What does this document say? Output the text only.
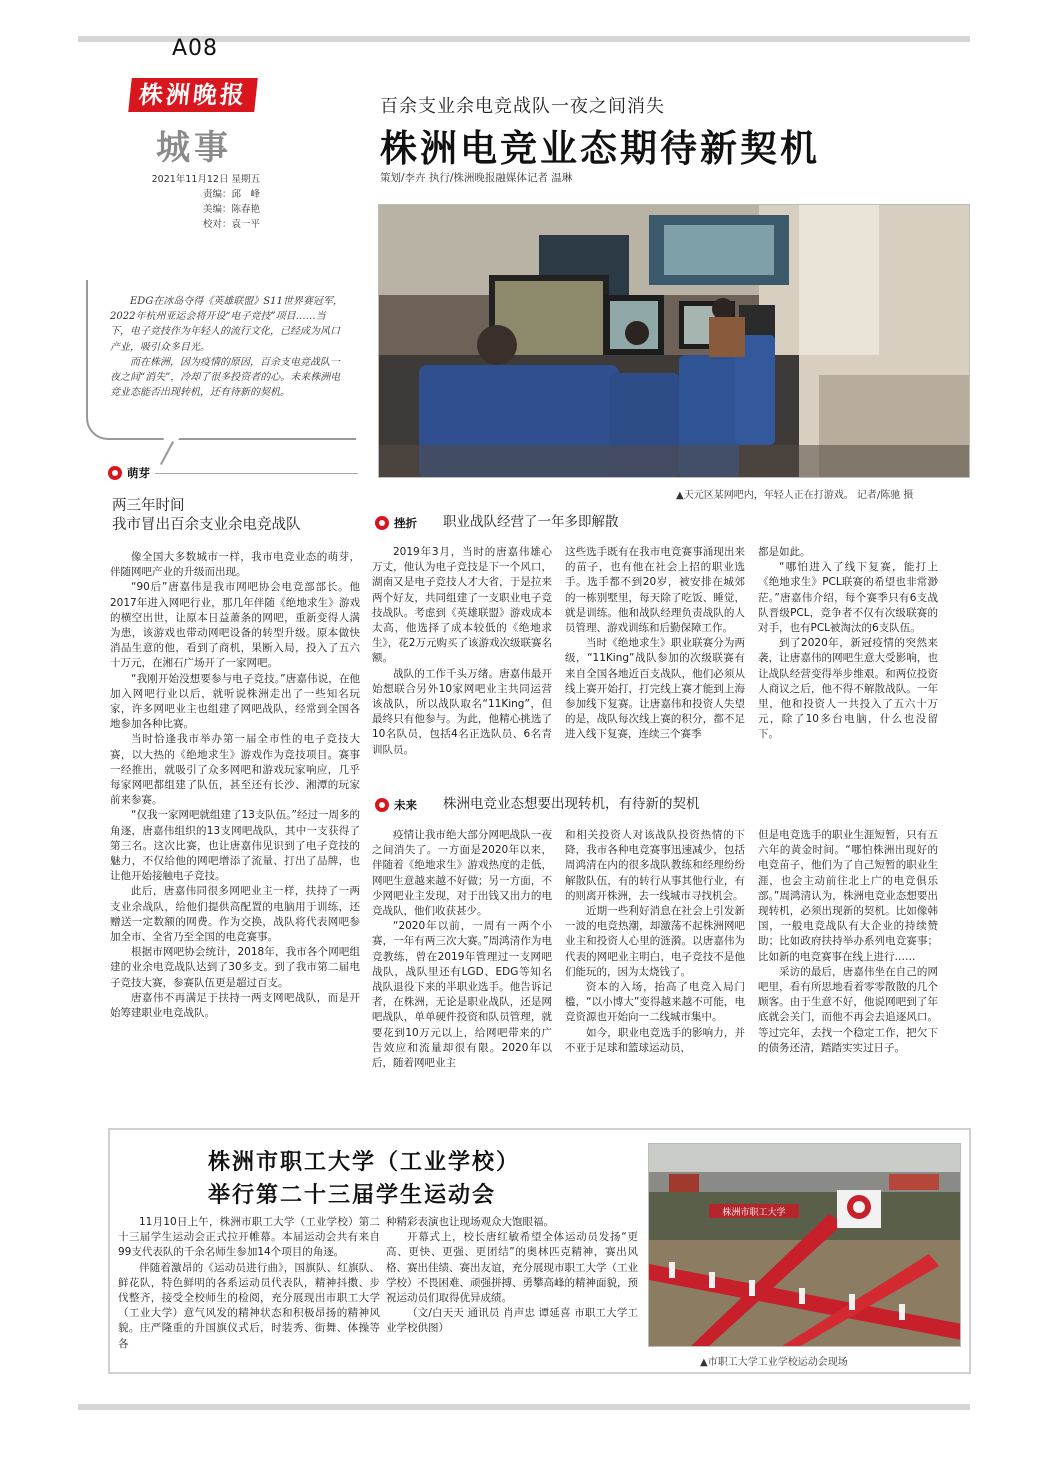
A08
株洲晚报
城事
2021年11月12日 星期五
责编：邱　峰
美编：陈春艳
校对：袁一平
百余支业余电竞战队一夜之间消失
株洲电竞业态期待新契机
策划/李卉 执行/株洲晚报融媒体记者 温琳
▲天元区某网吧内，年轻人正在打游戏。 记者/陈驰 摄
　　EDG在冰岛夺得《英雄联盟》S11世界赛冠军，2022年杭州亚运会将开设“电子竞技”项目……当下，电子竞技作为年轻人的流行文化，已经成为风口产业，吸引众多目光。
　　而在株洲，因为疫情的原因，百余支电竞战队一夜之间“消失”，冷却了很多投资者的心。未来株洲电竞业态能否出现转机，还有待新的契机。
萌芽
两三年时间
我市冒出百余支业余电竞战队

像全国大多数城市一样，我市电竞业态的萌芽，伴随网吧产业的升级而出现。

“90后”唐嘉伟是我市网吧协会电竞部部长。他2017年进入网吧行业，那几年伴随《绝地求生》游戏的横空出世，让原本日益萧条的网吧，重新变得人满为患，该游戏也带动网吧设备的转型升级。原本做快消品生意的他，看到了商机，果断入局，投入了五六十万元，在湘石广场开了一家网吧。

“我刚开始没想要参与电子竞技。”唐嘉伟说，在他加入网吧行业以后，就听说株洲走出了一些知名玩家，许多网吧业主也组建了网吧战队，经常到全国各地参加各种比赛。

当时恰逢我市举办第一届全市性的电子竞技大赛，以大热的《绝地求生》游戏作为竞技项目。赛事一经推出，就吸引了众多网吧和游戏玩家响应，几乎每家网吧都组建了队伍，甚至还有长沙、湘潭的玩家前来参赛。

“仅我一家网吧就组建了13支队伍。”经过一周多的角逐，唐嘉伟组织的13支网吧战队，其中一支获得了第三名。这次比赛，也让唐嘉伟见识到了电子竞技的魅力，不仅给他的网吧增添了流量、打出了品牌，也让他开始接触电子竞技。

此后，唐嘉伟同很多网吧业主一样，扶持了一两支业余战队，给他们提供高配置的电脑用于训练，还赠送一定数额的网费。作为交换，战队将代表网吧参加全市、全省乃至全国的电竞赛事。

根据市网吧协会统计，2018年，我市各个网吧组建的业余电竞战队达到了30多支。到了我市第二届电子竞技大赛，参赛队伍更是超过百支。

唐嘉伟不再满足于扶持一两支网吧战队，而是开始筹建职业电竞战队。

挫折 职业战队经营了一年多即解散

2019年3月，当时的唐嘉伟雄心万丈，他认为电子竞技是下一个风口，湖南又是电子竞技人才大省，于是拉来两个好友，共同组建了一支职业电子竞技战队。考虑到《英雄联盟》游戏成本太高，他选择了成本较低的《绝地求生》，花2万元购买了该游戏次级联赛名额。

战队的工作千头万绪。唐嘉伟最开始想联合另外10家网吧业主共同运营该战队，所以战队取名“11King”，但最终只有他参与。为此，他精心挑选了10名队员，包括4名正选队员、6名青训队员。

这些选手既有在我市电竞赛事涌现出来的苗子，也有他在社会上招的职业选手。选手都不到20岁，被安排在城郊的一栋别墅里，每天除了吃饭、睡觉，就是训练。他和战队经理负责战队的人员管理、游戏训练和后勤保障工作。

当时《绝地求生》职业联赛分为两级，“11King”战队参加的次级联赛有来自全国各地近百支战队，他们必须从线上赛开始打，打完线上赛才能到上海参加线下复赛。让唐嘉伟和投资人失望的是，战队每次线上赛的积分，都不足进入线下复赛，连续三个赛季

都是如此。

“哪怕进入了线下复赛，能打上《绝地求生》PCL联赛的希望也非常渺茫。”唐嘉伟介绍，每个赛季只有6支战队晋级PCL，竞争者不仅有次级联赛的对手，也有PCL被淘汰的6支队伍。

到了2020年，新冠疫情的突然来袭，让唐嘉伟的网吧生意大受影响，也让战队经营变得举步维艰。和两位投资人商议之后，他不得不解散战队。一年里，他和投资人一共投入了五六十万元，除了10多台电脑，什么也没留下。

未来 株洲电竞业态想要出现转机，有待新的契机

疫情让我市绝大部分网吧战队一夜之间消失了。一方面是2020年以来，伴随着《绝地求生》游戏热度的走低，网吧生意越来越不好做；另一方面，不少网吧业主发现，对于出钱又出力的电竞战队，他们收获甚少。

“2020年以前，一周有一两个小赛，一年有两三次大赛。”周鸿清作为电竞教练，曾在2019年管理过一支网吧战队，战队里还有LGD、EDG等知名战队退役下来的半职业选手。他告诉记者，在株洲，无论是职业战队，还是网吧战队，单单硬件投资和队员管理，就要花到10万元以上，给网吧带来的广告效应和流量却很有限。2020年以后，随着网吧业主

和相关投资人对该战队投资热情的下降，我市各种电竞赛事迅速减少，包括周鸿清在内的很多战队教练和经理纷纷解散队伍，有的转行从事其他行业，有的则离开株洲，去一线城市寻找机会。

近期一些利好消息在社会上引发新一波的电竞热潮，却激荡不起株洲网吧业主和投资人心里的涟漪。以唐嘉伟为代表的网吧业主明白，电子竞技不是他们能玩的，因为太烧钱了。

资本的入场，抬高了电竞入局门槛，“以小博大”变得越来越不可能，电竞资源也开始向一二线城市集中。

如今，职业电竞选手的影响力，并不亚于足球和篮球运动员，

但是电竞选手的职业生涯短暂，只有五六年的黄金时间。“哪怕株洲出现好的电竞苗子，他们为了自己短暂的职业生涯，也会主动前往北上广的电竞俱乐部。”周鸿清认为，株洲电竞业态想要出现转机，必须出现新的契机。比如像韩国，一般电竞战队有大企业的持续赞助；比如政府扶持举办系列电竞赛事；比如新的电竞赛事在线上进行……

采访的最后，唐嘉伟坐在自己的网吧里，看有所思地看着零零散散的几个顾客。由于生意不好，他说网吧到了年底就会关门，而他不再会去追逐风口。等过完年，去找一个稳定工作，把欠下的债务还清，踏踏实实过日子。

株洲市职工大学（工业学校）
举行第二十三届学生运动会

11月10日上午，株洲市职工大学（工业学校）第二十三届学生运动会正式拉开帷幕。本届运动会共有来自99支代表队的千余名师生参加14个项目的角逐。

伴随着激昂的《运动员进行曲》，国旗队、红旗队、鲜花队，特色鲜明的各系运动员代表队，精神抖擞、步伐整齐，接受全校师生的检阅，充分展现出市职工大学（工业大学）意气风发的精神状态和积极昂扬的精神风貌。庄严隆重的升国旗仪式后，时装秀、街舞、体操等各

种精彩表演也让现场观众大饱眼福。

开幕式上，校长唐红敏希望全体运动员发扬“更高、更快、更强、更团结”的奥林匹克精神，赛出风格、赛出佳绩、赛出友谊，充分展现市职工大学（工业学校）不畏困难、顽强拼搏、勇攀高峰的精神面貌，预祝运动员们取得优异成绩。

（文/白天天 通讯员 肖声忠 谭延喜 市职工大学工业学校供图）

株洲市职工大学
▲市职工大学工业学校运动会现场
